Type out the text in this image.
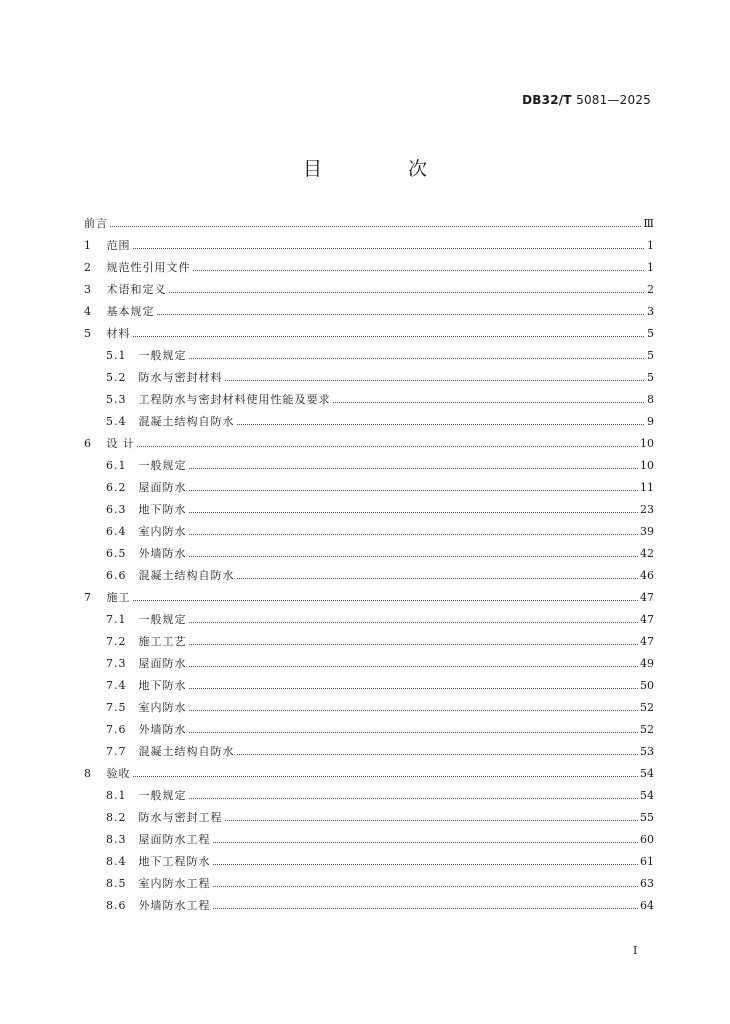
DB32/T 5081—2025
目 次
前言	Ⅲ
1 范围	1
2 规范性引用文件	1
3 术语和定义	2
4 基本规定	3
5 材料	5
5.1 一般规定	5
5.2 防水与密封材料	5
5.3 工程防水与密封材料使用性能及要求	8
5.4 混凝土结构自防水	9
6 设 计	10
6.1 一般规定	10
6.2 屋面防水	11
6.3 地下防水	23
6.4 室内防水	39
6.5 外墙防水	42
6.6 混凝土结构自防水	46
7 施工	47
7.1 一般规定	47
7.2 施工工艺	47
7.3 屋面防水	49
7.4 地下防水	50
7.5 室内防水	52
7.6 外墙防水	52
7.7 混凝土结构自防水	53
8 验收	54
8.1 一般规定	54
8.2 防水与密封工程	55
8.3 屋面防水工程	60
8.4 地下工程防水	61
8.5 室内防水工程	63
8.6 外墙防水工程	64
I
